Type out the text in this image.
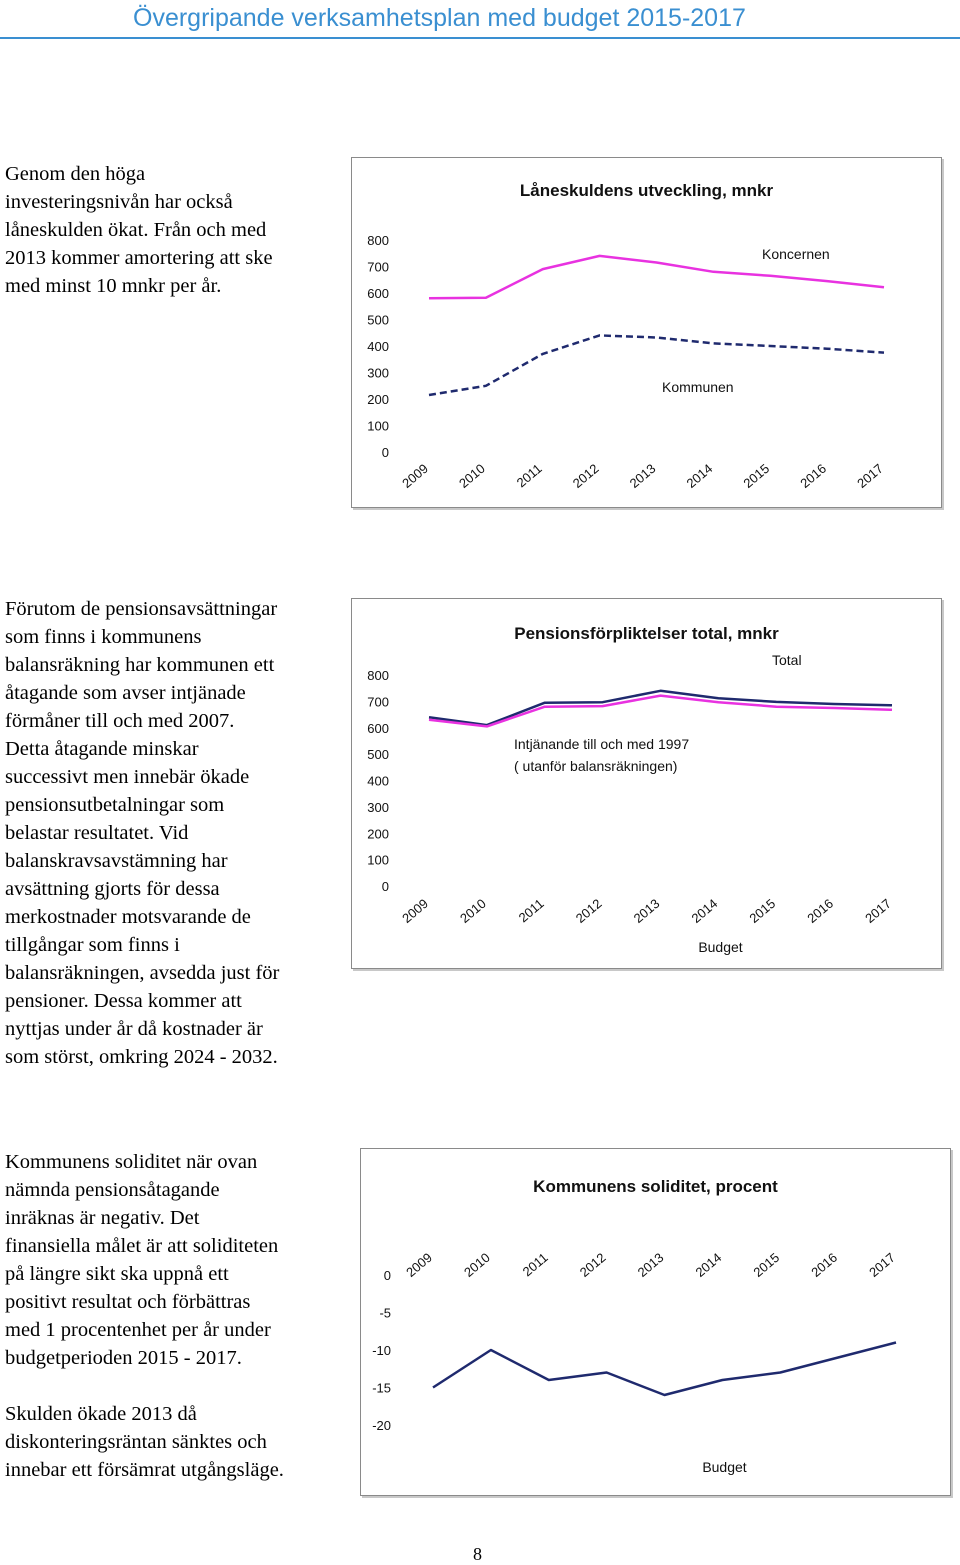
Övergripande verksamhetsplan med budget 2015-2017

Genom den höga
investeringsnivån har också
låneskulden ökat. Från och med
2013 kommer amortering att ske
med minst 10 mnkr per år.

Förutom de pensionsavsättningar
som finns i kommunens
balansräkning har kommunen ett
åtagande som avser intjänade
förmåner till och med 2007.
Detta åtagande minskar
successivt men innebär ökade
pensionsutbetalningar som
belastar resultatet. Vid
balanskravsavstämning har
avsättning gjorts för dessa
merkostnader motsvarande de
tillgångar som finns i
balansräkningen, avsedda just för
pensioner. Dessa kommer att
nyttjas under år då kostnader är
som störst, omkring 2024 - 2032.

Kommunens soliditet när ovan
nämnda pensionsåtagande
inräknas är negativ. Det
finansiella målet är att soliditeten
på längre sikt ska uppnå ett
positivt resultat och förbättras
med 1 procentenhet per år under
budgetperioden 2015 - 2017.

Skulden ökade 2013 då
diskonteringsräntan sänktes och
innebar ett försämrat utgångsläge.

Låneskuldens utveckling, mnkr
800
700
600
500
400
300
200
100
0
2009 2010 2011 2012 2013 2014 2015 2016 2017
Koncernen
Kommunen
Pensionsförpliktelser total, mnkr
800
700
600
500
400
300
200
100
0
2009 2010 2011 2012 2013 2014 2015 2016 2017
Budget
Total
Intjänande till och med 1997
( utanför balansräkningen)
Kommunens soliditet, procent
0
-5
-10
-15
-20
2009 2010 2011 2012 2013 2014 2015 2016 2017
Budget
8
